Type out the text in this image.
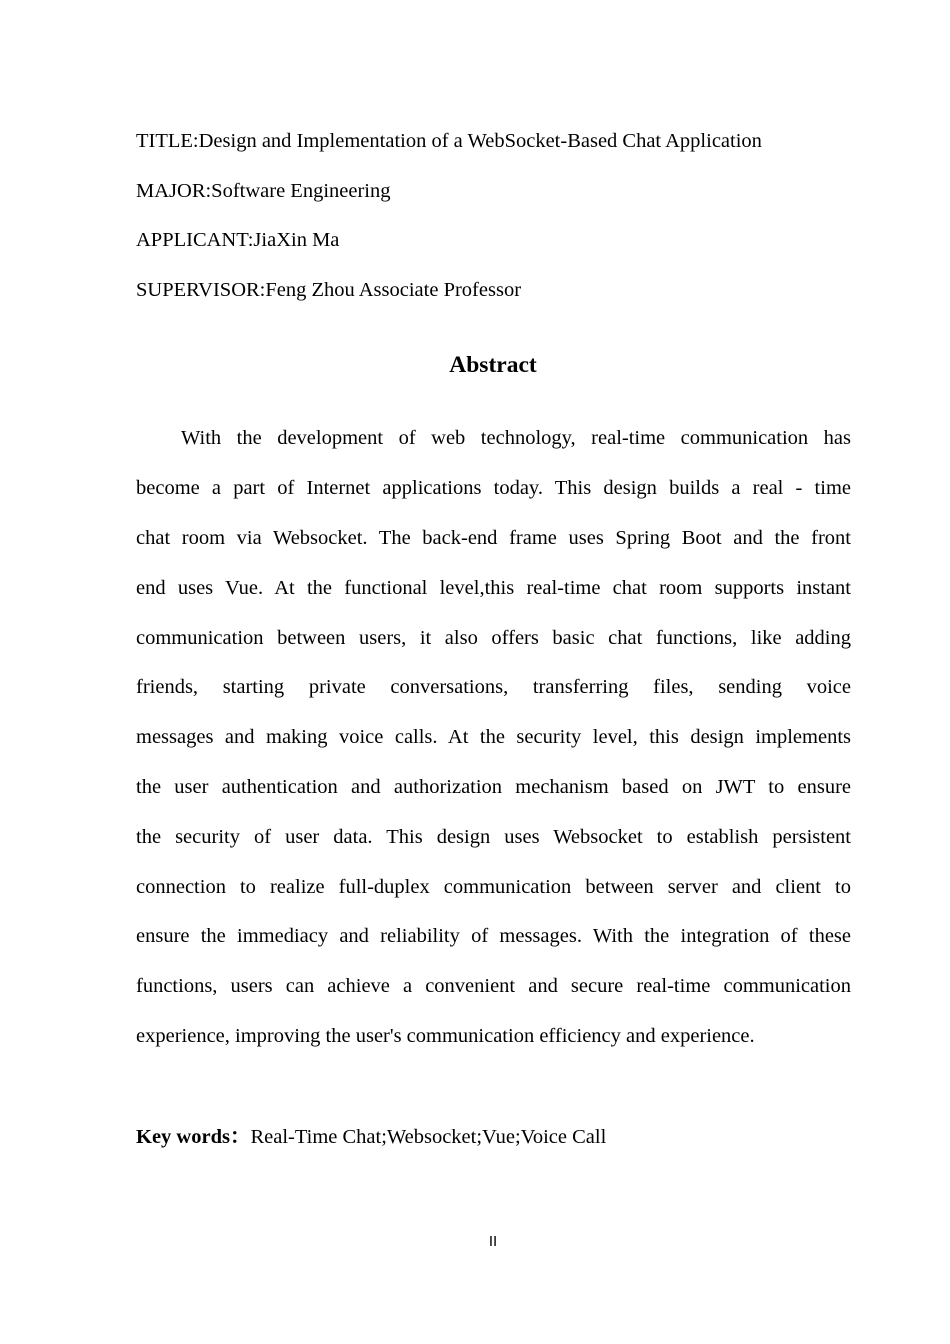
TITLE:Design and Implementation of a WebSocket-Based Chat Application
MAJOR:Software Engineering
APPLICANT:JiaXin Ma
SUPERVISOR:Feng Zhou Associate Professor
Abstract
With the development of web technology, real-time communication has
become a part of Internet applications today. This design builds a real - time
chat room via Websocket. The back-end frame uses Spring Boot and the front
end uses Vue. At the functional level,this real-time chat room supports instant
communication between users, it also offers basic chat functions, like adding
friends, starting private conversations, transferring files, sending voice
messages and making voice calls. At the security level, this design implements
the user authentication and authorization mechanism based on JWT to ensure
the security of user data. This design uses Websocket to establish persistent
connection to realize full-duplex communication between server and client to
ensure the immediacy and reliability of messages. With the integration of these
functions, users can achieve a convenient and secure real-time communication
experience, improving the user's communication efficiency and experience.
Key words：Real-Time Chat;Websocket;Vue;Voice Call
II
